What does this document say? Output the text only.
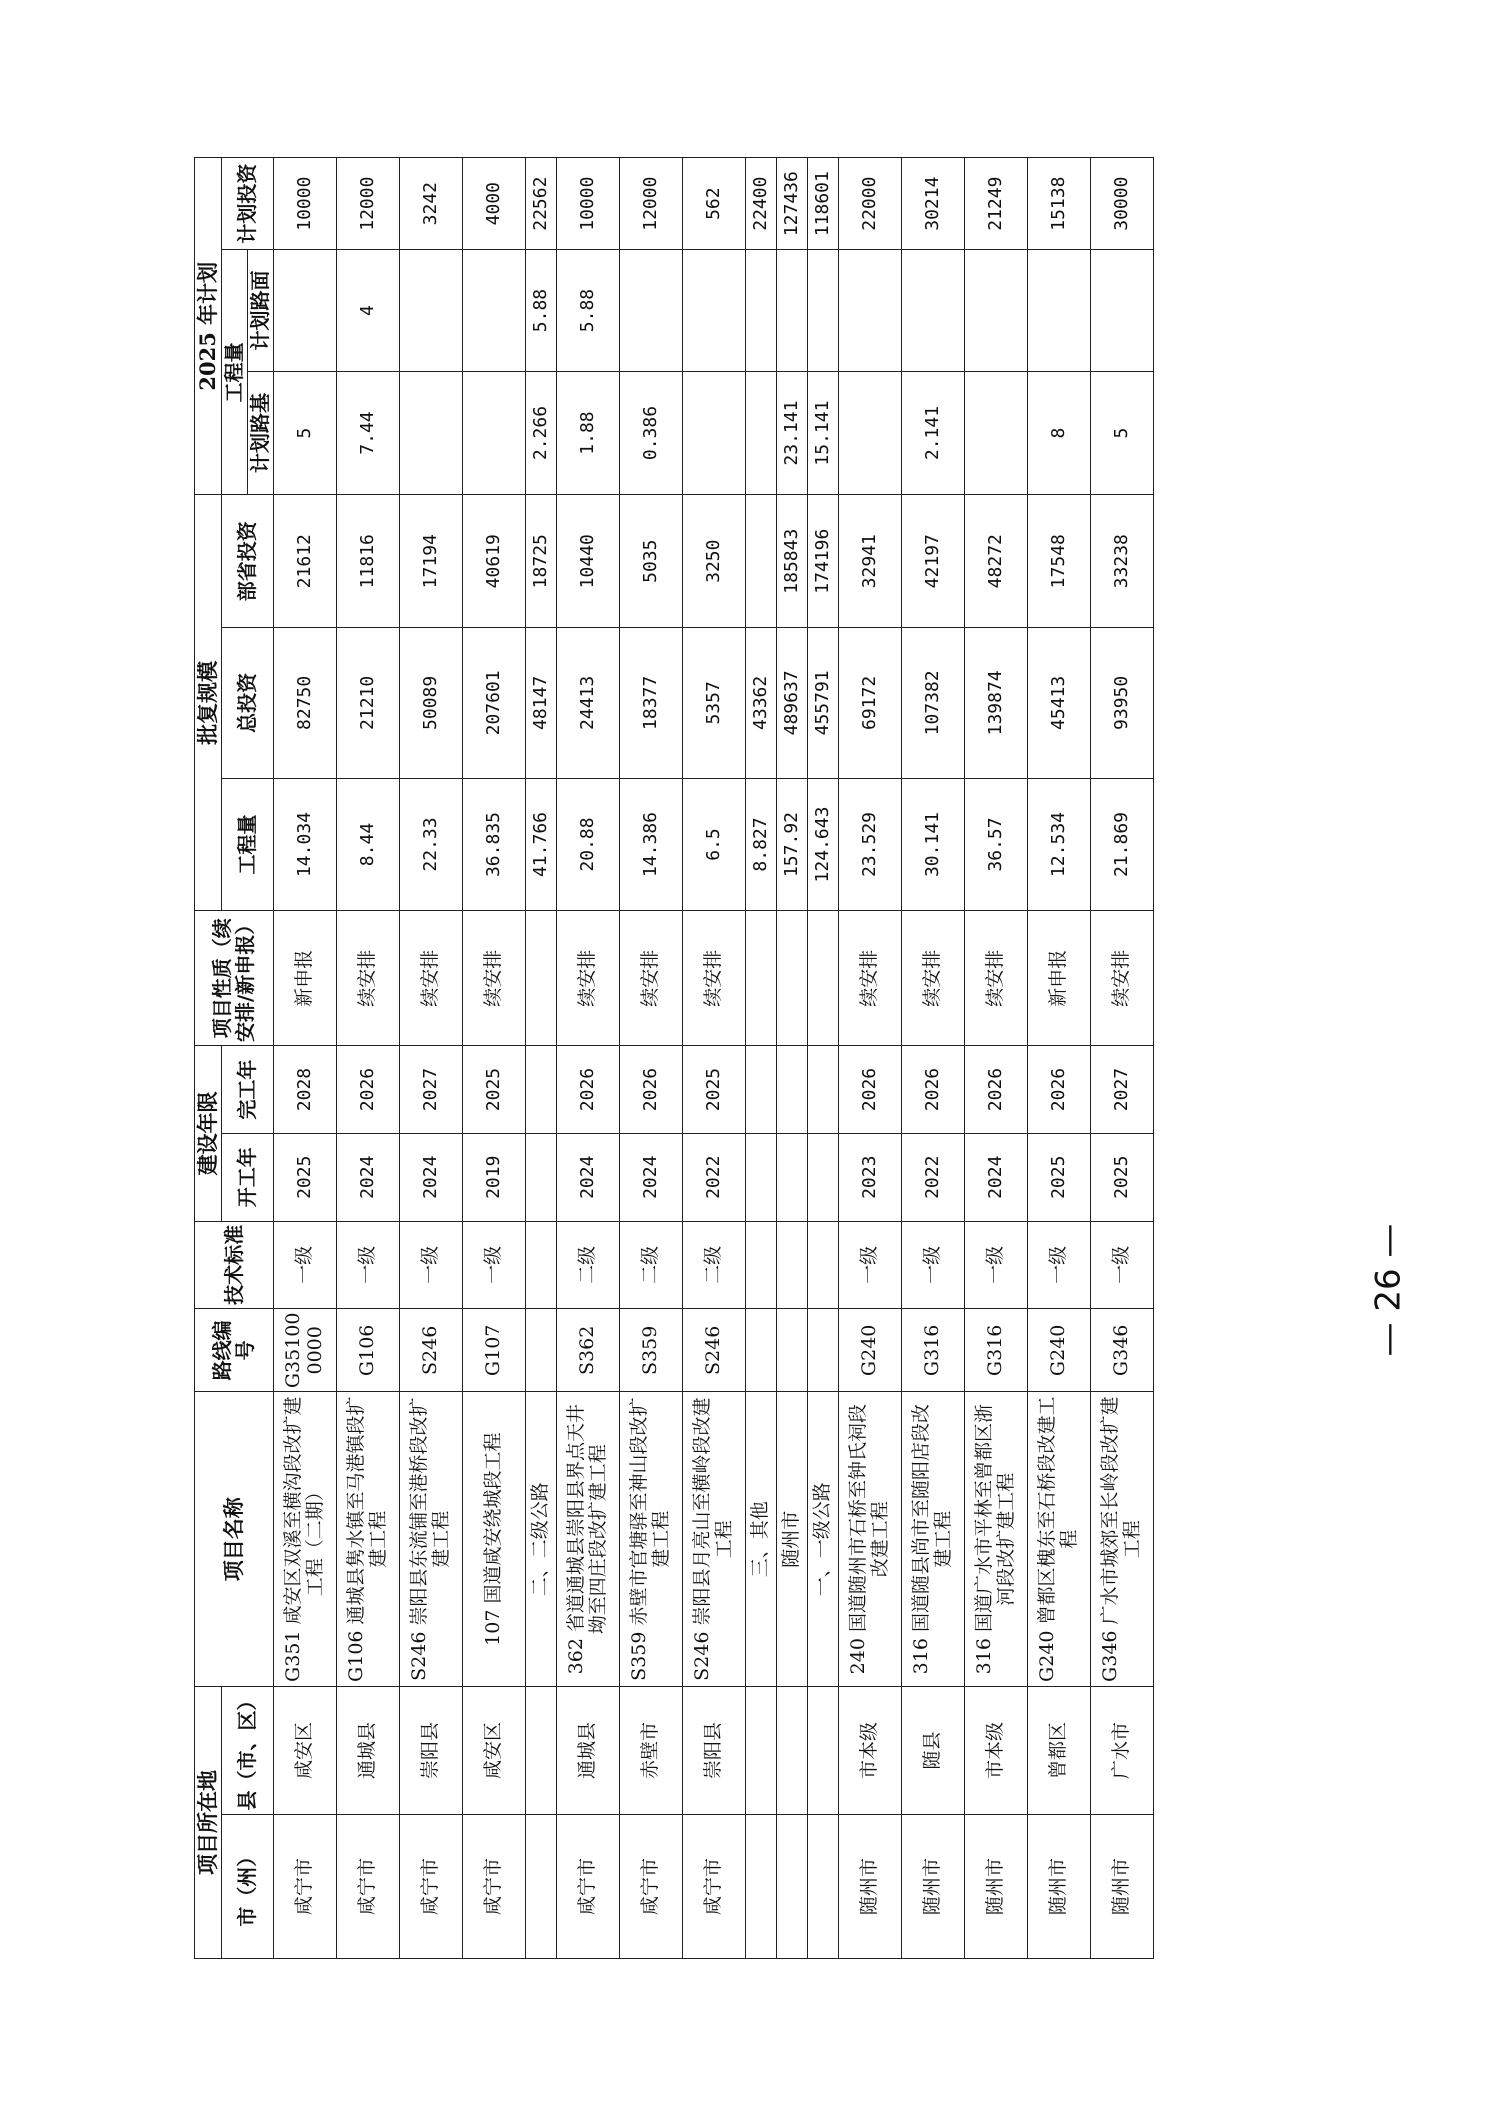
项目所在地		项目名称	路线编号	技术标准	建设年限		项目性质（续安排/新申报）	批复规模			2025 年计划		
市（州）	县（市、区）				开工年	完工年		工程量	总投资	部省投资	工程量		计划投资
											计划路基	计划路面	
咸宁市	咸安区	G351 咸安区双溪至横沟段改扩建工程（二期）	G351000000	一级	2025	2028	新申报	14.034	82750	21612	5		10000
咸宁市	通城县	G106 通城县隽水镇至马港镇段扩建工程	G106	一级	2024	2026	续安排	8.44	21210	11816	7.44	4	12000
咸宁市	崇阳县	S246 崇阳县东流铺至港桥段改扩建工程	S246	一级	2024	2027	续安排	22.33	50089	17194			3242
咸宁市	咸安区	107 国道咸安绕城段工程	G107	一级	2019	2025	续安排	36.835	207601	40619			4000
		二、二级公路						41.766	48147	18725	2.266	5.88	22562
咸宁市	通城县	362 省道通城县崇阳县界点天井坳至四庄段改扩建工程	S362	二级	2024	2026	续安排	20.88	24413	10440	1.88	5.88	10000
咸宁市	赤壁市	S359 赤壁市官塘驿至神山段改扩建工程	S359	二级	2024	2026	续安排	14.386	18377	5035	0.386		12000
咸宁市	崇阳县	S246 崇阳县月亮山至横岭段改建工程	S246	二级	2022	2025	续安排	6.5	5357	3250			562
		三、其他						8.827	43362				22400
		随州市						157.92	489637	185843	23.141		127436
		一、一级公路						124.643	455791	174196	15.141		118601
随州市	市本级	240 国道随州市石桥至钟氏祠段改建工程	G240	一级	2023	2026	续安排	23.529	69172	32941			22000
随州市	随县	316 国道随县尚市至随阳店段改建工程	G316	一级	2022	2026	续安排	30.141	107382	42197	2.141		30214
随州市	市本级	316 国道广水市平林至曾都区浙河段改扩建工程	G316	一级	2024	2026	续安排	36.57	139874	48272			21249
随州市	曾都区	G240 曾都区槐东至石桥段改建工程	G240	一级	2025	2026	新申报	12.534	45413	17548	8		15138
随州市	广水市	G346 广水市城郊至长岭段改扩建工程	G346	一级	2025	2027	续安排	21.869	93950	33238	5		30000
— 26 —
